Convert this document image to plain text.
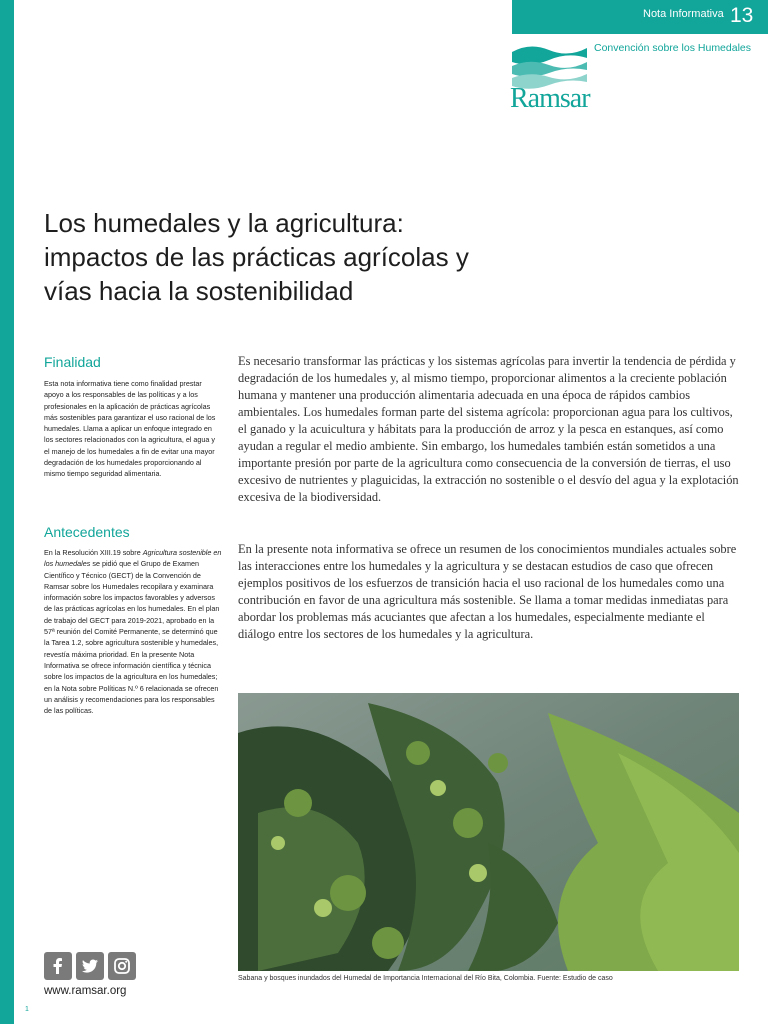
Nota Informativa 13
Convención sobre los Humedales
Ramsar
Los humedales y la agricultura:
impactos de las prácticas agrícolas y
vías hacia la sostenibilidad
Finalidad
Esta nota informativa tiene como finalidad prestar apoyo a los responsables de las políticas y a los profesionales en la aplicación de prácticas agrícolas más sostenibles para garantizar el uso racional de los humedales. Llama a aplicar un enfoque integrado en los sectores relacionados con la agricultura, el agua y el manejo de los humedales a fin de evitar una mayor degradación de los humedales proporcionando al mismo tiempo seguridad alimentaria.
Antecedentes
En la Resolución XIII.19 sobre Agricultura sostenible en los humedales se pidió que el Grupo de Examen Científico y Técnico (GECT) de la Convención de Ramsar sobre los Humedales recopilara y examinara información sobre los impactos favorables y adversos de las prácticas agrícolas en los humedales. En el plan de trabajo del GECT para 2019-2021, aprobado en la 57ª reunión del Comité Permanente, se determinó que la Tarea 1.2, sobre agricultura sostenible y humedales, revestía máxima prioridad. En la presente Nota Informativa se ofrece información científica y técnica sobre los impactos de la agricultura en los humedales; en la Nota sobre Políticas N.º 6 relacionada se ofrecen un análisis y recomendaciones para los responsables de las políticas.

Es necesario transformar las prácticas y los sistemas agrícolas para invertir la tendencia de pérdida y degradación de los humedales y, al mismo tiempo, proporcionar alimentos a la creciente población humana y mantener una producción alimentaria adecuada en una época de rápidos cambios ambientales. Los humedales forman parte del sistema agrícola: proporcionan agua para los cultivos, el ganado y la acuicultura y hábitats para la producción de arroz y la pesca en estanques, así como ayudan a regular el medio ambiente. Sin embargo, los humedales también están sometidos a una importante presión por parte de la agricultura como consecuencia de la conversión de tierras, el uso excesivo de nutrientes y plaguicidas, la extracción no sostenible o el desvío del agua y la explotación excesiva de la biodiversidad.

En la presente nota informativa se ofrece un resumen de los conocimientos mundiales actuales sobre las interacciones entre los humedales y la agricultura y se destacan estudios de caso que ofrecen ejemplos positivos de los esfuerzos de transición hacia el uso racional de los humedales como una contribución en favor de una agricultura más sostenible. Se llama a tomar medidas inmediatas para abordar los problemas más acuciantes que afectan a los humedales, especialmente mediante el diálogo entre los sectores de los humedales y la agricultura.

Sabana y bosques inundados del Humedal de Importancia Internacional del Río Bita, Colombia. Fuente: Estudio de caso
www.ramsar.org
1
